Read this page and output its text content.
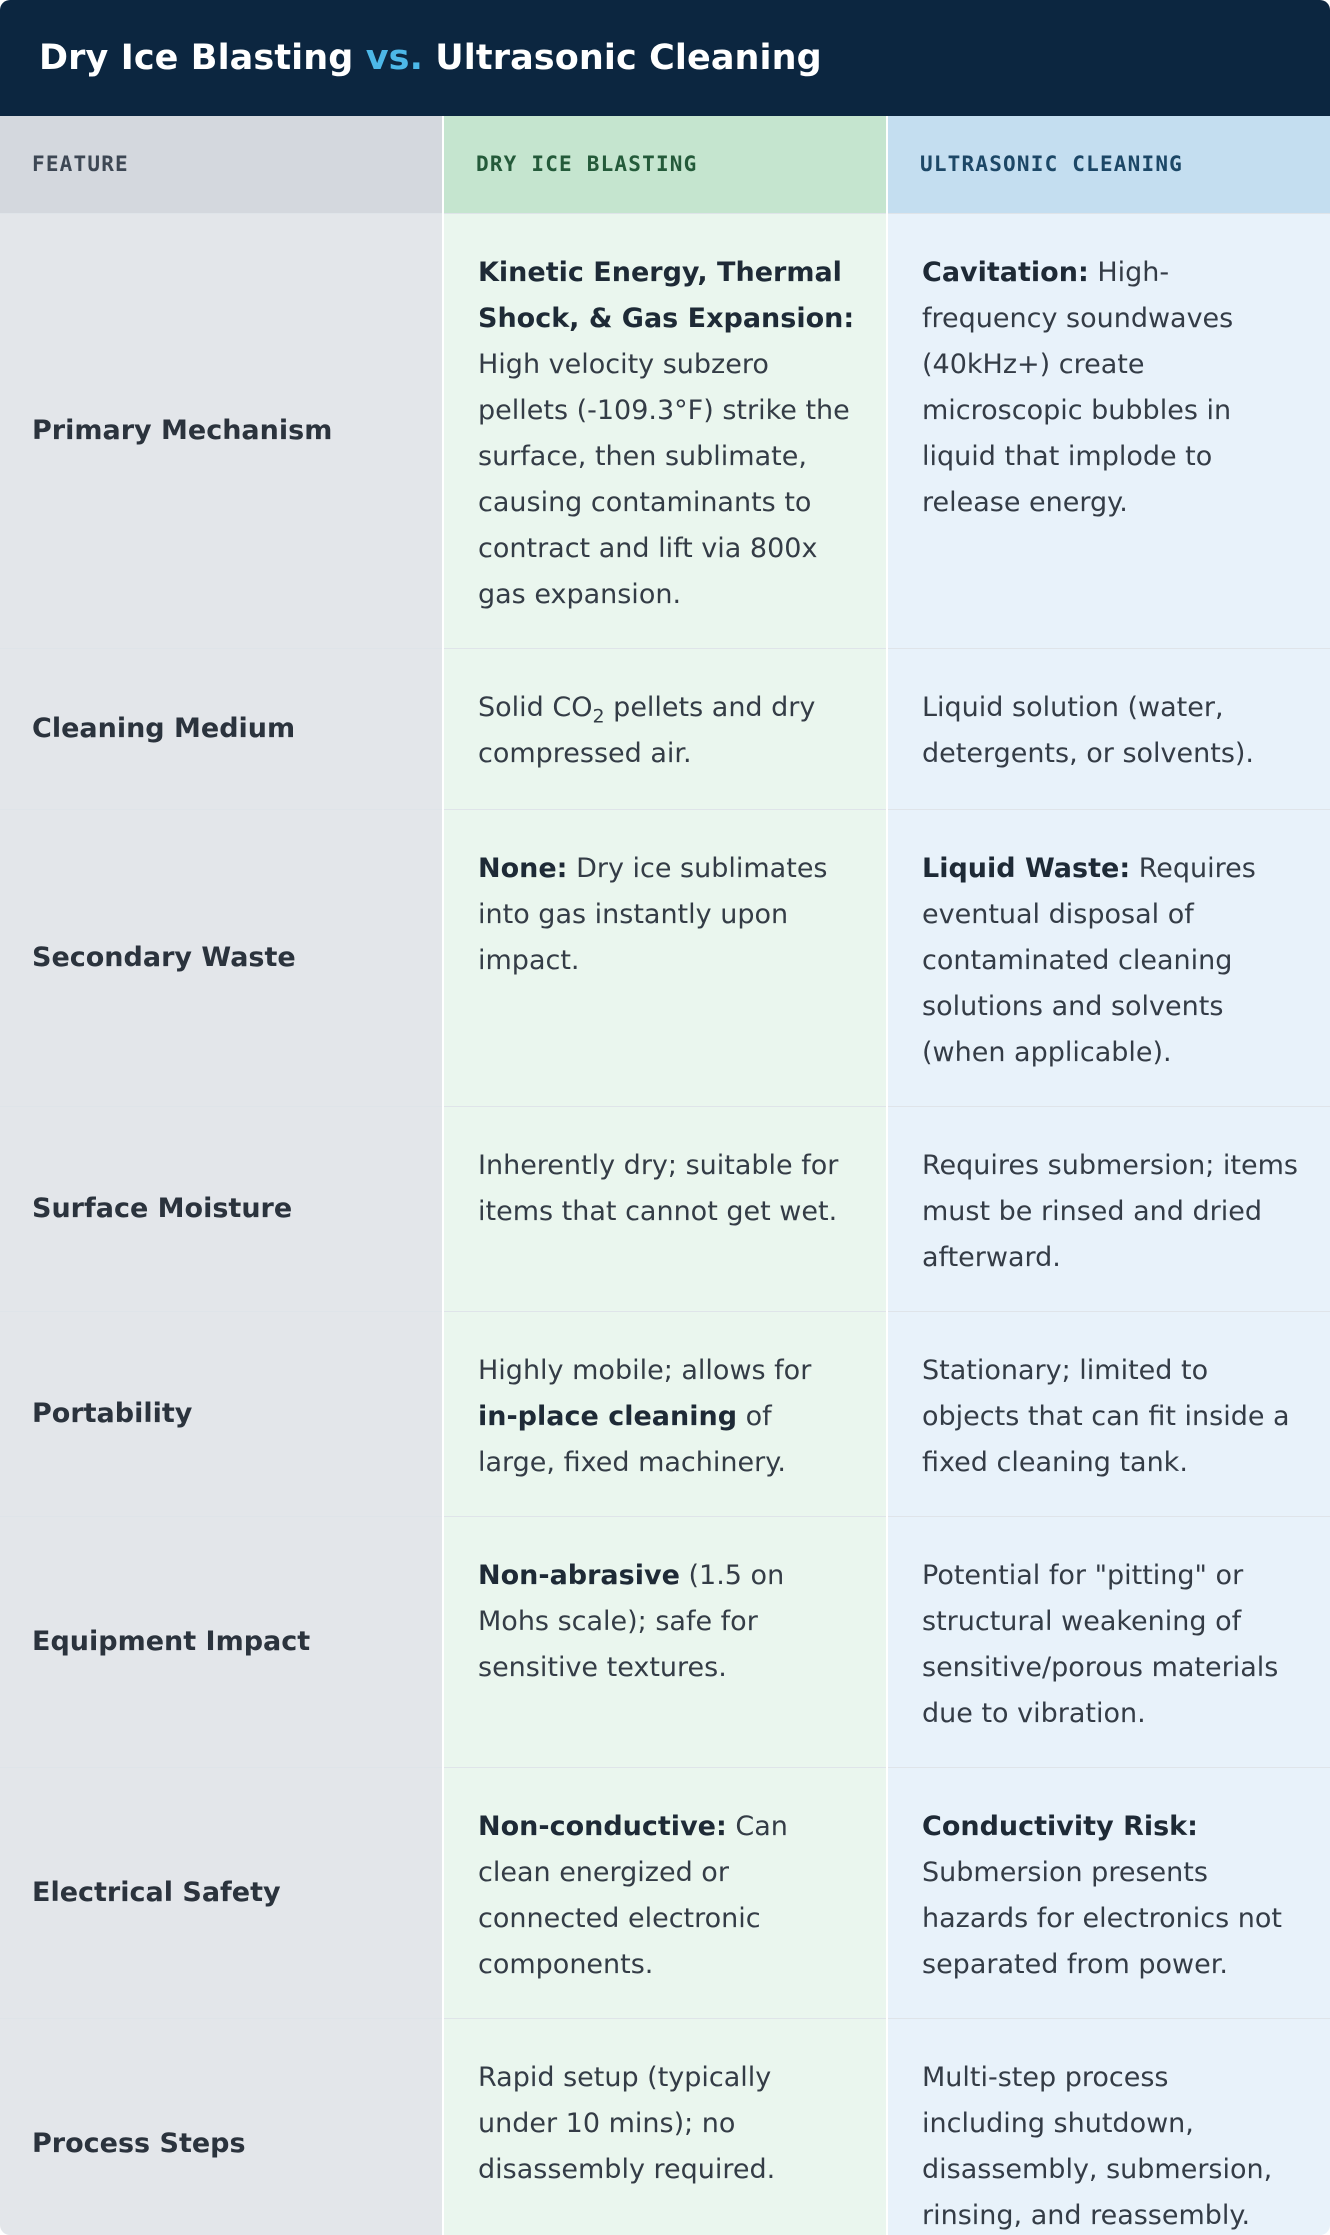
Dry Ice Blasting vs. Ultrasonic Cleaning
FEATURE	DRY ICE BLASTING	ULTRASONIC CLEANING
Primary Mechanism	Kinetic Energy, Thermal Shock, & Gas Expansion: High velocity subzero pellets (-109.3°F) strike the surface, then sublimate, causing contaminants to contract and lift via 800x gas expansion.	Cavitation: High-frequency soundwaves (40kHz+) create microscopic bubbles in liquid that implode to release energy.
Cleaning Medium	Solid $CO_2$ pellets and dry compressed air.	Liquid solution (water, detergents, or solvents).
Secondary Waste	None: Dry ice sublimates into gas instantly upon impact.	Liquid Waste: Requires eventual disposal of contaminated cleaning solutions and solvents (when applicable).
Surface Moisture	Inherently dry; suitable for items that cannot get wet.	Requires submersion; items must be rinsed and dried afterward.
Portability	Highly mobile; allows for in-place cleaning of large, fixed machinery.	Stationary; limited to objects that can fit inside a fixed cleaning tank.
Equipment Impact	Non-abrasive (1.5 on Mohs scale); safe for sensitive textures.	Potential for "pitting" or structural weakening of sensitive/porous materials due to vibration.
Electrical Safety	Non-conductive: Can clean energized or connected electronic components.	Conductivity Risk: Submersion presents hazards for electronics not separated from power.
Process Steps	Rapid setup (typically under 10 mins); no disassembly required.	Multi-step process including shutdown, disassembly, submersion, rinsing, and reassembly.
